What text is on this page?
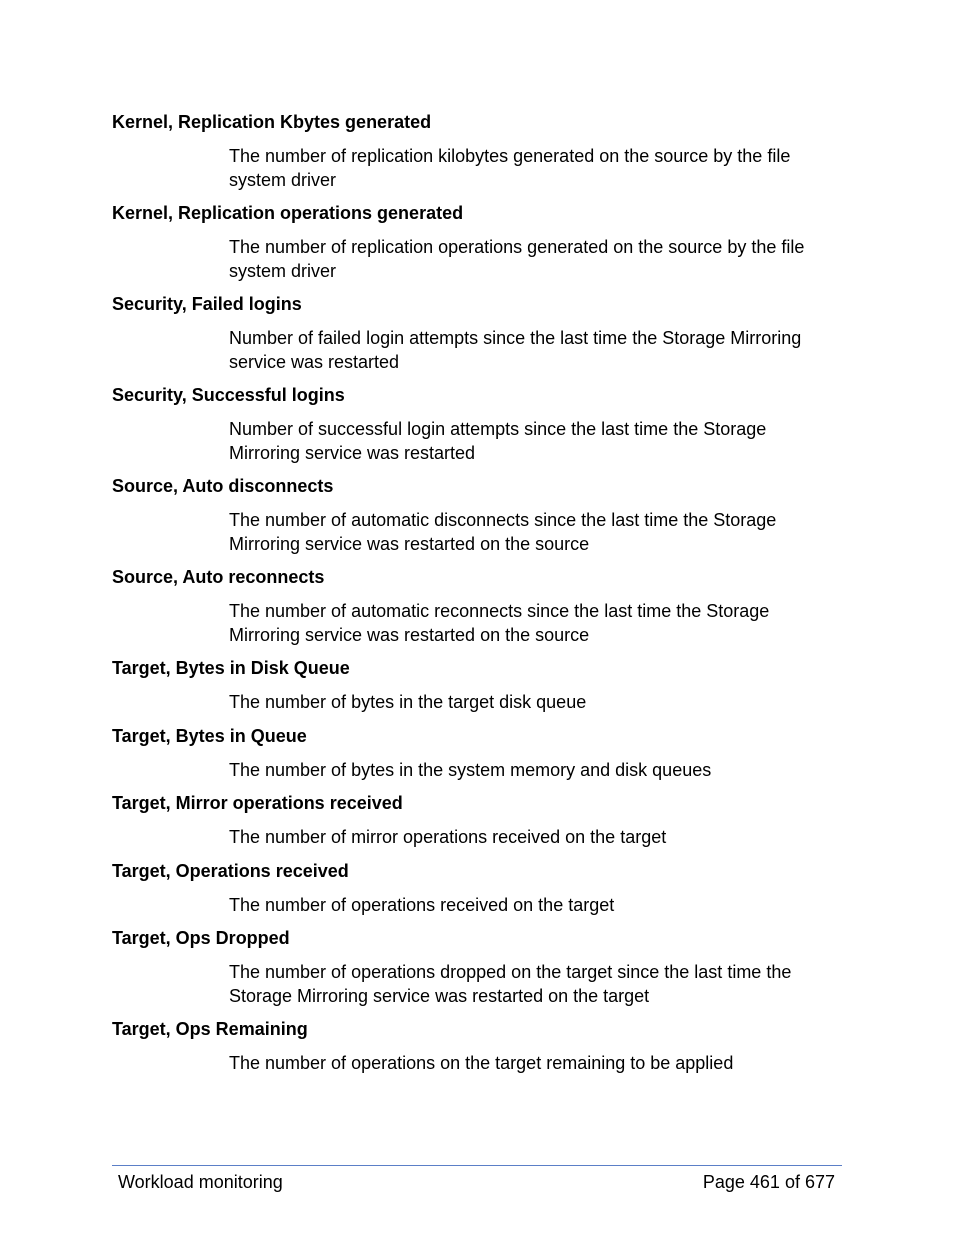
Kernel, Replication Kbytes generated

The number of replication kilobytes generated on the source by the file system driver

Kernel, Replication operations generated

The number of replication operations generated on the source by the file system driver

Security, Failed logins

Number of failed login attempts since the last time the Storage Mirroring service was restarted

Security, Successful logins

Number of successful login attempts since the last time the Storage Mirroring service was restarted

Source, Auto disconnects

The number of automatic disconnects since the last time the Storage Mirroring service was restarted on the source

Source, Auto reconnects

The number of automatic reconnects since the last time the Storage Mirroring service was restarted on the source

Target, Bytes in Disk Queue

The number of bytes in the target disk queue

Target, Bytes in Queue

The number of bytes in the system memory and disk queues

Target, Mirror operations received

The number of mirror operations received on the target

Target, Operations received

The number of operations received on the target

Target, Ops Dropped

The number of operations dropped on the target since the last time the Storage Mirroring service was restarted on the target

Target, Ops Remaining

The number of operations on the target remaining to be applied

Workload monitoring	Page 461 of 677
